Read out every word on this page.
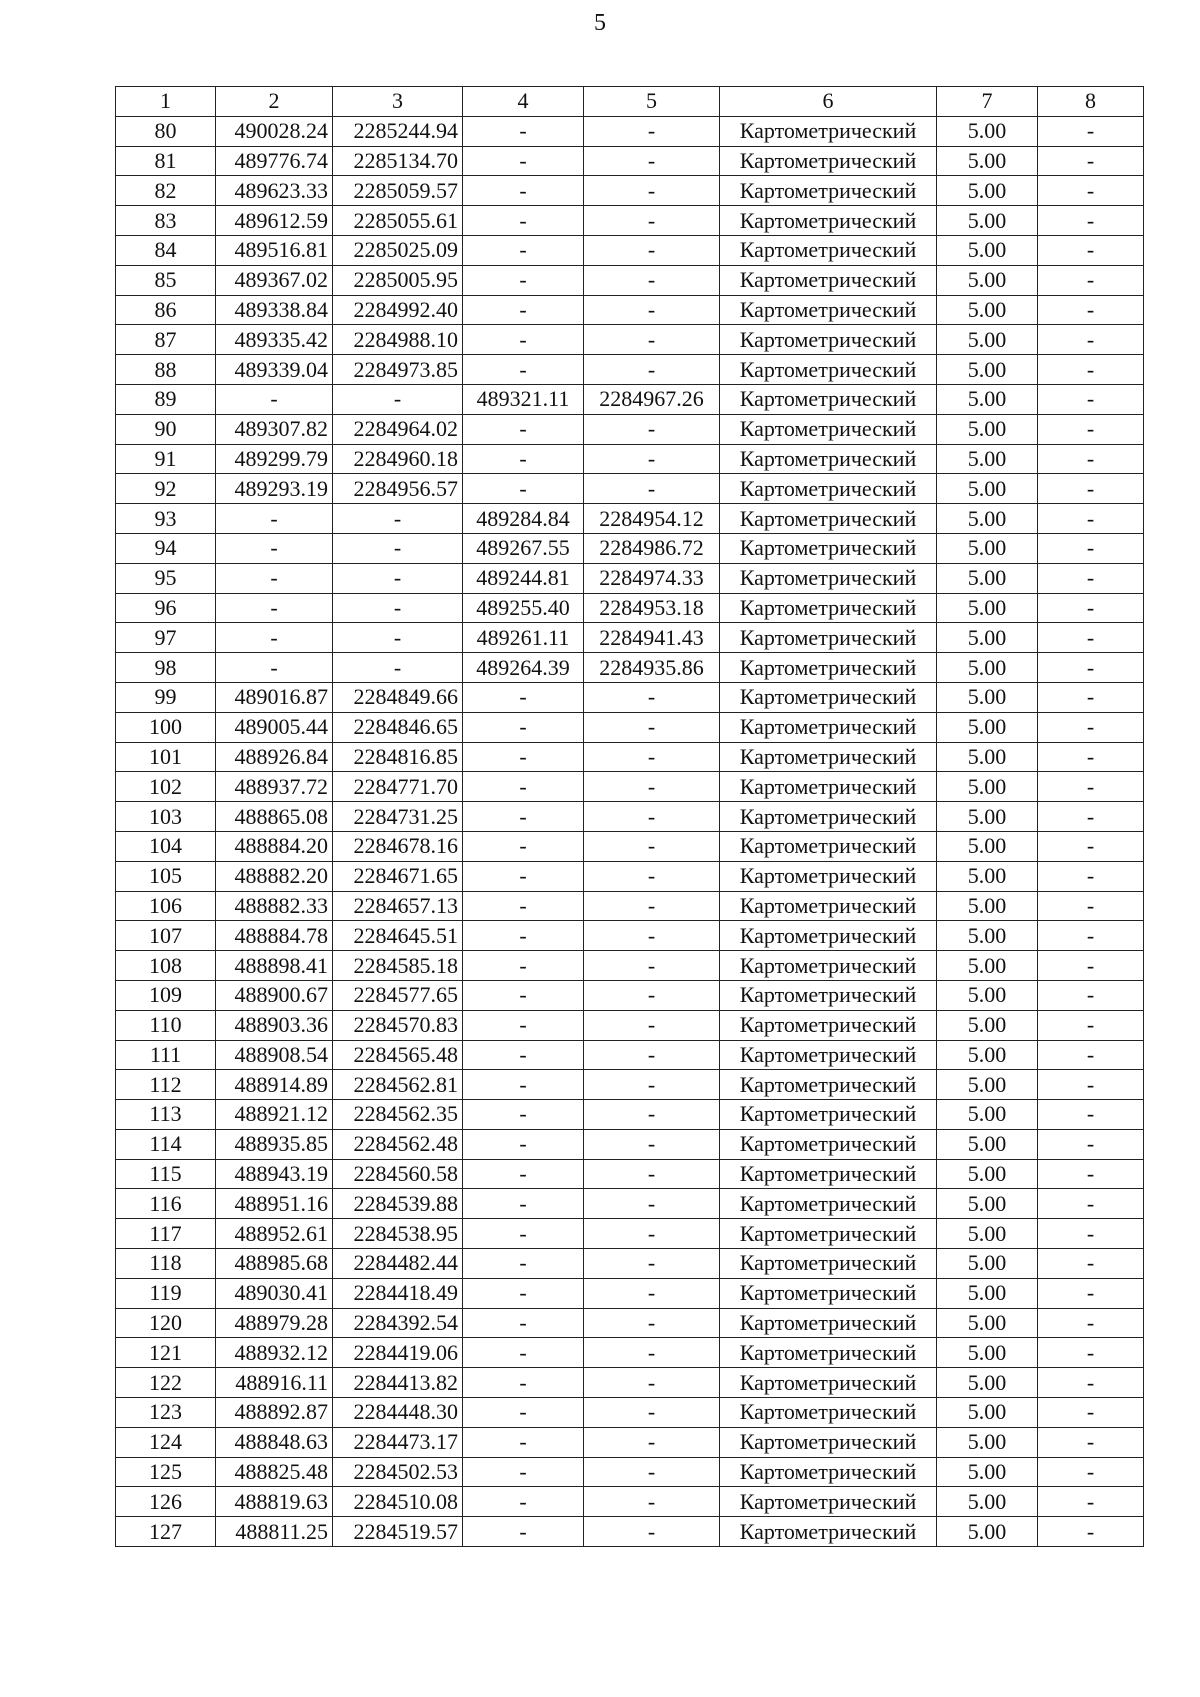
5
1	2	3	4	5	6	7	8
80	490028.24	2285244.94	-	-	Картометрический	5.00	-
81	489776.74	2285134.70	-	-	Картометрический	5.00	-
82	489623.33	2285059.57	-	-	Картометрический	5.00	-
83	489612.59	2285055.61	-	-	Картометрический	5.00	-
84	489516.81	2285025.09	-	-	Картометрический	5.00	-
85	489367.02	2285005.95	-	-	Картометрический	5.00	-
86	489338.84	2284992.40	-	-	Картометрический	5.00	-
87	489335.42	2284988.10	-	-	Картометрический	5.00	-
88	489339.04	2284973.85	-	-	Картометрический	5.00	-
89	-	-	489321.11	2284967.26	Картометрический	5.00	-
90	489307.82	2284964.02	-	-	Картометрический	5.00	-
91	489299.79	2284960.18	-	-	Картометрический	5.00	-
92	489293.19	2284956.57	-	-	Картометрический	5.00	-
93	-	-	489284.84	2284954.12	Картометрический	5.00	-
94	-	-	489267.55	2284986.72	Картометрический	5.00	-
95	-	-	489244.81	2284974.33	Картометрический	5.00	-
96	-	-	489255.40	2284953.18	Картометрический	5.00	-
97	-	-	489261.11	2284941.43	Картометрический	5.00	-
98	-	-	489264.39	2284935.86	Картометрический	5.00	-
99	489016.87	2284849.66	-	-	Картометрический	5.00	-
100	489005.44	2284846.65	-	-	Картометрический	5.00	-
101	488926.84	2284816.85	-	-	Картометрический	5.00	-
102	488937.72	2284771.70	-	-	Картометрический	5.00	-
103	488865.08	2284731.25	-	-	Картометрический	5.00	-
104	488884.20	2284678.16	-	-	Картометрический	5.00	-
105	488882.20	2284671.65	-	-	Картометрический	5.00	-
106	488882.33	2284657.13	-	-	Картометрический	5.00	-
107	488884.78	2284645.51	-	-	Картометрический	5.00	-
108	488898.41	2284585.18	-	-	Картометрический	5.00	-
109	488900.67	2284577.65	-	-	Картометрический	5.00	-
110	488903.36	2284570.83	-	-	Картометрический	5.00	-
111	488908.54	2284565.48	-	-	Картометрический	5.00	-
112	488914.89	2284562.81	-	-	Картометрический	5.00	-
113	488921.12	2284562.35	-	-	Картометрический	5.00	-
114	488935.85	2284562.48	-	-	Картометрический	5.00	-
115	488943.19	2284560.58	-	-	Картометрический	5.00	-
116	488951.16	2284539.88	-	-	Картометрический	5.00	-
117	488952.61	2284538.95	-	-	Картометрический	5.00	-
118	488985.68	2284482.44	-	-	Картометрический	5.00	-
119	489030.41	2284418.49	-	-	Картометрический	5.00	-
120	488979.28	2284392.54	-	-	Картометрический	5.00	-
121	488932.12	2284419.06	-	-	Картометрический	5.00	-
122	488916.11	2284413.82	-	-	Картометрический	5.00	-
123	488892.87	2284448.30	-	-	Картометрический	5.00	-
124	488848.63	2284473.17	-	-	Картометрический	5.00	-
125	488825.48	2284502.53	-	-	Картометрический	5.00	-
126	488819.63	2284510.08	-	-	Картометрический	5.00	-
127	488811.25	2284519.57	-	-	Картометрический	5.00	-
